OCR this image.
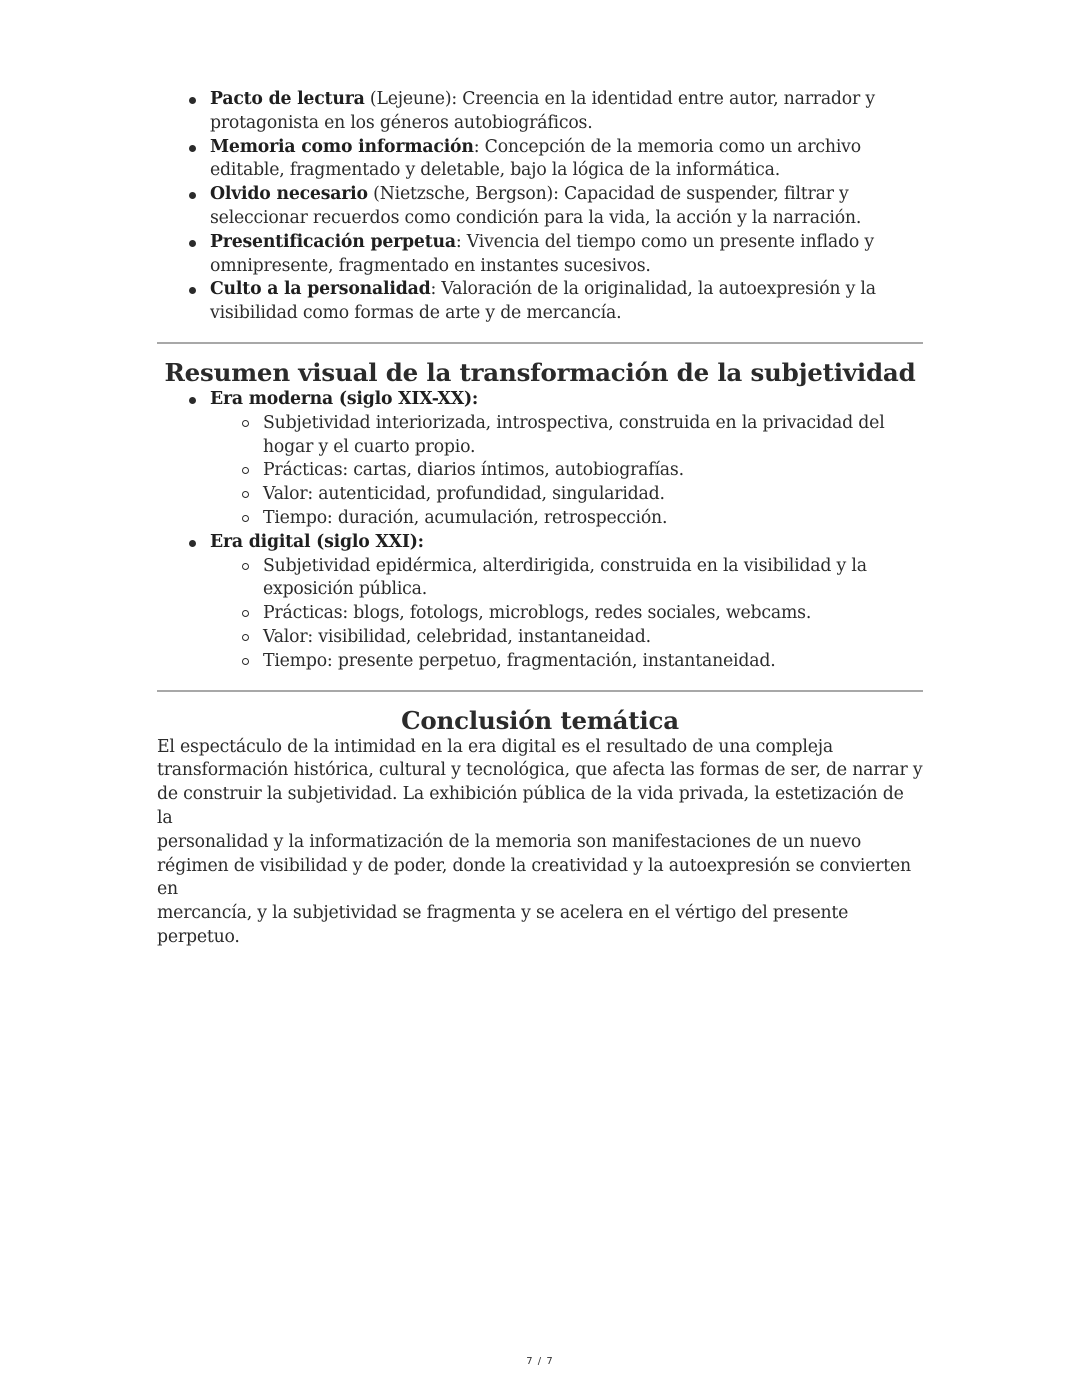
Pacto de lectura (Lejeune): Creencia en la identidad entre autor, narrador y protagonista en los géneros autobiográficos.
Memoria como información: Concepción de la memoria como un archivo editable, fragmentado y deletable, bajo la lógica de la informática.
Olvido necesario (Nietzsche, Bergson): Capacidad de suspender, filtrar y seleccionar recuerdos como condición para la vida, la acción y la narración.
Presentificación perpetua: Vivencia del tiempo como un presente inflado y omnipresente, fragmentado en instantes sucesivos.
Culto a la personalidad: Valoración de la originalidad, la autoexpresión y la visibilidad como formas de arte y de mercancía.
Resumen visual de la transformación de la subjetividad
Era moderna (siglo XIX-XX):
Subjetividad interiorizada, introspectiva, construida en la privacidad del hogar y el cuarto propio.
Prácticas: cartas, diarios íntimos, autobiografías.
Valor: autenticidad, profundidad, singularidad.
Tiempo: duración, acumulación, retrospección.
Era digital (siglo XXI):
Subjetividad epidérmica, alterdirigida, construida en la visibilidad y la exposición pública.
Prácticas: blogs, fotologs, microblogs, redes sociales, webcams.
Valor: visibilidad, celebridad, instantaneidad.
Tiempo: presente perpetuo, fragmentación, instantaneidad.
Conclusión temática
El espectáculo de la intimidad en la era digital es el resultado de una compleja
transformación histórica, cultural y tecnológica, que afecta las formas de ser, de narrar y
de construir la subjetividad. La exhibición pública de la vida privada, la estetización de la
personalidad y la informatización de la memoria son manifestaciones de un nuevo
régimen de visibilidad y de poder, donde la creatividad y la autoexpresión se convierten en
mercancía, y la subjetividad se fragmenta y se acelera en el vértigo del presente perpetuo.
7 / 7
